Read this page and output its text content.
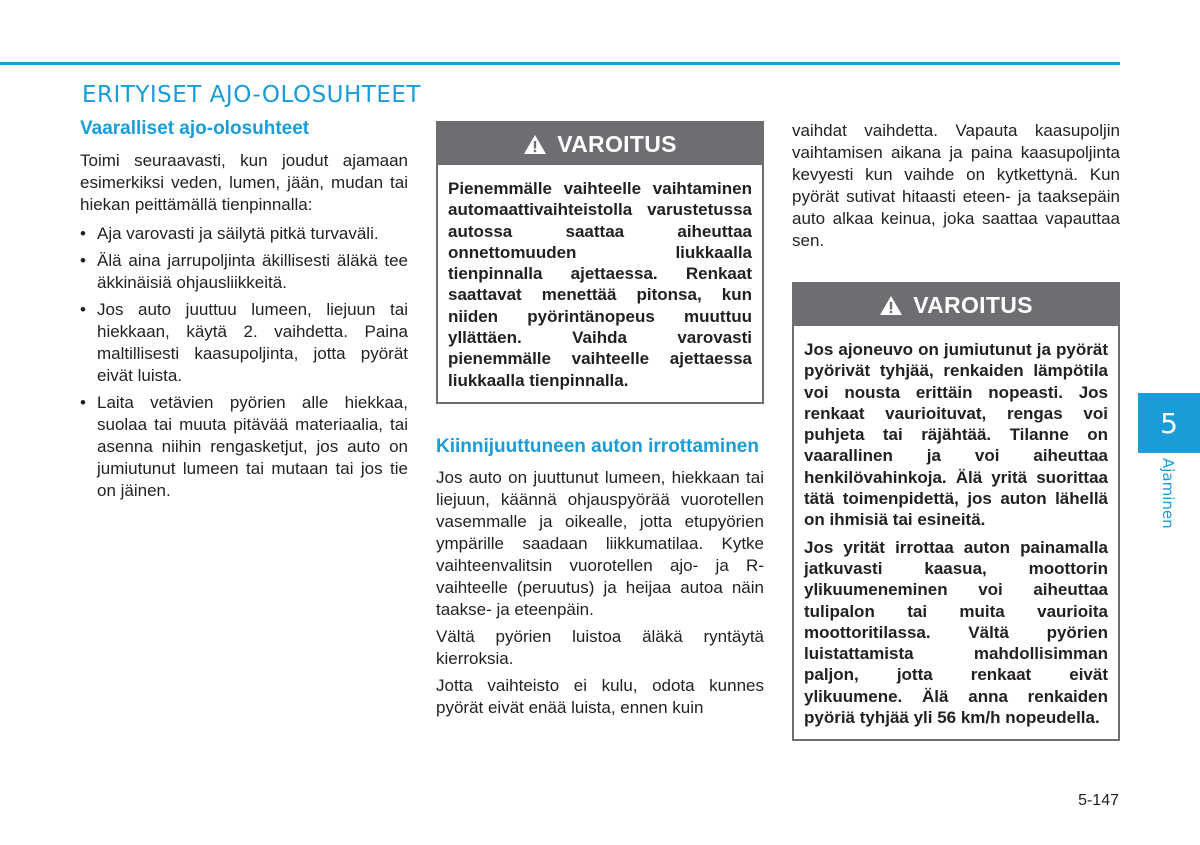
ERITYISET AJO-OLOSUHTEET
Vaaralliset ajo-olosuhteet

Toimi seuraavasti, kun joudut ajamaan esimerkiksi veden, lumen, jään, mudan tai hiekan peittämällä tienpinnalla:

• Aja varovasti ja säilytä pitkä turvaväli.
• Älä aina jarrupoljinta äkillisesti äläkä tee äkkinäisiä ohjausliikkeitä.
• Jos auto juuttuu lumeen, liejuun tai hiekkaan, käytä 2. vaihdetta. Paina maltillisesti kaasupoljinta, jotta pyörät eivät luista.
• Laita vetävien pyörien alle hiekkaa, suolaa tai muuta pitävää materiaalia, tai asenna niihin rengasketjut, jos auto on jumiutunut lumeen tai mutaan tai jos tie on jäinen.
VAROITUS

Pienemmälle vaihteelle vaihtaminen automaattivaihteistolla varustetussa autossa saattaa aiheuttaa onnettomuuden liukkaalla tienpinnalla ajettaessa. Renkaat saattavat menettää pitonsa, kun niiden pyörintänopeus muuttuu yllättäen. Vaihda varovasti pienemmälle vaihteelle ajettaessa liukkaalla tienpinnalla.

Kiinnijuuttuneen auton irrottaminen

Jos auto on juuttunut lumeen, hiekkaan tai liejuun, käännä ohjauspyörää vuorotellen vasemmalle ja oikealle, jotta etupyörien ympärille saadaan liikkumatilaa. Kytke vaihteenvalitsin vuorotellen ajo- ja R-vaihteelle (peruutus) ja heijaa autoa näin taakse- ja eteenpäin.

Vältä pyörien luistoa äläkä ryntäytä kierroksia.

Jotta vaihteisto ei kulu, odota kunnes pyörät eivät enää luista, ennen kuin

vaihdat vaihdetta. Vapauta kaasupoljin vaihtamisen aikana ja paina kaasupoljinta kevyesti kun vaihde on kytkettynä. Kun pyörät sutivat hitaasti eteen- ja taaksepäin auto alkaa keinua, joka saattaa vapauttaa sen.

VAROITUS

Jos ajoneuvo on jumiutunut ja pyörät pyörivät tyhjää, renkaiden lämpötila voi nousta erittäin nopeasti. Jos renkaat vaurioituvat, rengas voi puhjeta tai räjähtää. Tilanne on vaarallinen ja voi aiheuttaa henkilövahinkoja. Älä yritä suorittaa tätä toimenpidettä, jos auton lähellä on ihmisiä tai esineitä.

Jos yrität irrottaa auton painamalla jatkuvasti kaasua, moottorin ylikuumeneminen voi aiheuttaa tulipalon tai muita vaurioita moottoritilassa. Vältä pyörien luistattamista mahdollisimman paljon, jotta renkaat eivät ylikuumene. Älä anna renkaiden pyöriä tyhjää yli 56 km/h nopeudella.

5
Ajaminen
5-147
